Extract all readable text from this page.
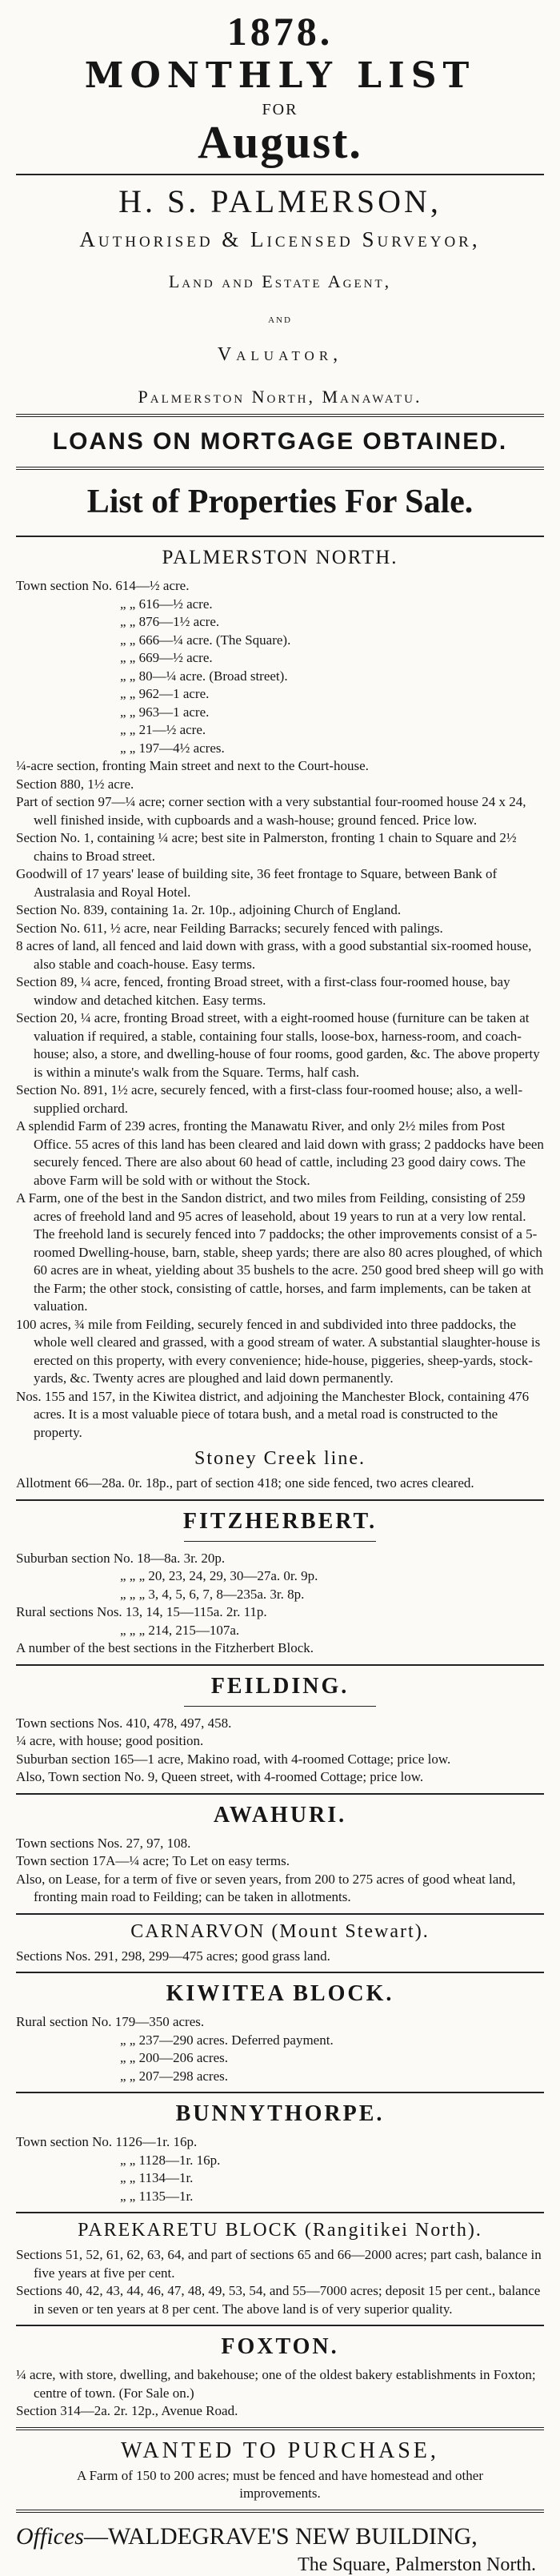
1878.
MONTHLY LIST
FOR
August.
H. S. PALMERSON,
Authorised & Licensed Surveyor,
Land and Estate Agent,
and
Valuator,
Palmerston North, Manawatu.
LOANS ON MORTGAGE OBTAINED.
List of Properties For Sale.
PALMERSTON NORTH.

Town section No. 614—½ acre.

„ „ 616—½ acre.

„ „ 876—1½ acre.

„ „ 666—¼ acre. (The Square).

„ „ 669—½ acre.

„ „ 80—¼ acre. (Broad street).

„ „ 962—1 acre.

„ „ 963—1 acre.

„ „ 21—½ acre.

„ „ 197—4½ acres.

¼-acre section, fronting Main street and next to the Court-house.

Section 880, 1½ acre.

Part of section 97—¼ acre; corner section with a very substantial four-roomed house 24 x 24, well finished inside, with cupboards and a wash-house; ground fenced. Price low.

Section No. 1, containing ¼ acre; best site in Palmerston, fronting 1 chain to Square and 2½ chains to Broad street.

Goodwill of 17 years' lease of building site, 36 feet frontage to Square, between Bank of Australasia and Royal Hotel.

Section No. 839, containing 1a. 2r. 10p., adjoining Church of England.

Section No. 611, ½ acre, near Feilding Barracks; securely fenced with palings.

8 acres of land, all fenced and laid down with grass, with a good substantial six-roomed house, also stable and coach-house. Easy terms.

Section 89, ¼ acre, fenced, fronting Broad street, with a first-class four-roomed house, bay window and detached kitchen. Easy terms.

Section 20, ¼ acre, fronting Broad street, with a eight-roomed house (furniture can be taken at valuation if required, a stable, containing four stalls, loose-box, harness-room, and coach-house; also, a store, and dwelling-house of four rooms, good garden, &c. The above property is within a minute's walk from the Square. Terms, half cash.

Section No. 891, 1½ acre, securely fenced, with a first-class four-roomed house; also, a well-supplied orchard.

A splendid Farm of 239 acres, fronting the Manawatu River, and only 2½ miles from Post Office. 55 acres of this land has been cleared and laid down with grass; 2 paddocks have been securely fenced. There are also about 60 head of cattle, including 23 good dairy cows. The above Farm will be sold with or without the Stock.

A Farm, one of the best in the Sandon district, and two miles from Feilding, consisting of 259 acres of freehold land and 95 acres of leasehold, about 19 years to run at a very low rental. The freehold land is securely fenced into 7 paddocks; the other improvements consist of a 5-roomed Dwelling-house, barn, stable, sheep yards; there are also 80 acres ploughed, of which 60 acres are in wheat, yielding about 35 bushels to the acre. 250 good bred sheep will go with the Farm; the other stock, consisting of cattle, horses, and farm implements, can be taken at valuation.

100 acres, ¾ mile from Feilding, securely fenced in and subdivided into three paddocks, the whole well cleared and grassed, with a good stream of water. A substantial slaughter-house is erected on this property, with every convenience; hide-house, piggeries, sheep-yards, stock-yards, &c. Twenty acres are ploughed and laid down permanently.

Nos. 155 and 157, in the Kiwitea district, and adjoining the Manchester Block, containing 476 acres. It is a most valuable piece of totara bush, and a metal road is constructed to the property.

Stoney Creek line.

Allotment 66—28a. 0r. 18p., part of section 418; one side fenced, two acres cleared.

FITZHERBERT.

Suburban section No. 18—8a. 3r. 20p.

„ „ „ 20, 23, 24, 29, 30—27a. 0r. 9p.

„ „ „ 3, 4, 5, 6, 7, 8—235a. 3r. 8p.

Rural sections Nos. 13, 14, 15—115a. 2r. 11p.

„ „ „ 214, 215—107a.

A number of the best sections in the Fitzherbert Block.

FEILDING.

Town sections Nos. 410, 478, 497, 458.

¼ acre, with house; good position.

Suburban section 165—1 acre, Makino road, with 4-roomed Cottage; price low.

Also, Town section No. 9, Queen street, with 4-roomed Cottage; price low.

AWAHURI.

Town sections Nos. 27, 97, 108.

Town section 17A—¼ acre; To Let on easy terms.

Also, on Lease, for a term of five or seven years, from 200 to 275 acres of good wheat land, fronting main road to Feilding; can be taken in allotments.

CARNARVON (Mount Stewart).

Sections Nos. 291, 298, 299—475 acres; good grass land.

KIWITEA BLOCK.

Rural section No. 179—350 acres.

„ „ 237—290 acres. Deferred payment.

„ „ 200—206 acres.

„ „ 207—298 acres.

BUNNYTHORPE.

Town section No. 1126—1r. 16p.

„ „ 1128—1r. 16p.

„ „ 1134—1r.

„ „ 1135—1r.

PAREKARETU BLOCK (Rangitikei North).

Sections 51, 52, 61, 62, 63, 64, and part of sections 65 and 66—2000 acres; part cash, balance in five years at five per cent.

Sections 40, 42, 43, 44, 46, 47, 48, 49, 53, 54, and 55—7000 acres; deposit 15 per cent., balance in seven or ten years at 8 per cent. The above land is of very superior quality.

FOXTON.

¼ acre, with store, dwelling, and bakehouse; one of the oldest bakery establishments in Foxton; centre of town. (For Sale on.)

Section 314—2a. 2r. 12p., Avenue Road.

WANTED TO PURCHASE,
A Farm of 150 to 200 acres; must be fenced and have homestead and other improvements.
Offices—WALDEGRAVE'S NEW BUILDING,
The Square, Palmerston North.
